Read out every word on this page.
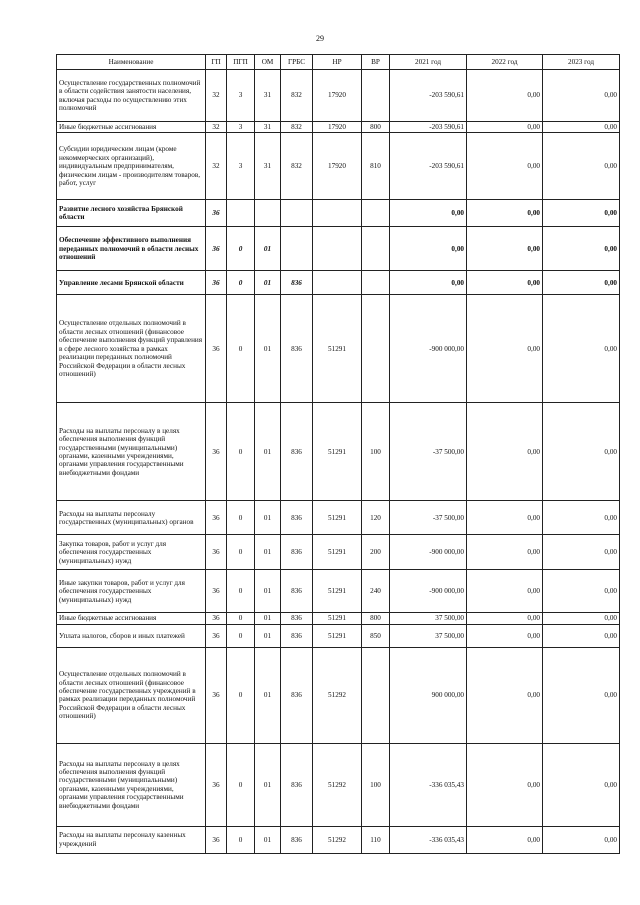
29
Наименование	ГП	ПГП	ОМ	ГРБС	НР	ВР	2021 год	2022 год	2023 год
Осуществление государственных полномочий в области содействия занятости населения, включая расходы по осуществлению этих полномочий	32	3	31	832	17920		-203 590,61	0,00	0,00
Иные бюджетные ассигнования	32	3	31	832	17920	800	-203 590,61	0,00	0,00
Субсидии юридическим лицам (кроме некоммерческих организаций), индивидуальным предпринимателям, физическим лицам - производителям товаров, работ, услуг	32	3	31	832	17920	810	-203 590,61	0,00	0,00
Развитие лесного хозяйства Брянской области	36						0,00	0,00	0,00
Обеспечение эффективного выполнения переданных полномочий в области лесных отношений	36	0	01				0,00	0,00	0,00
Управление лесами Брянской области	36	0	01	836			0,00	0,00	0,00
Осуществление отдельных полномочий в области лесных отношений (финансовое обеспечение выполнения функций управления в сфере лесного хозяйства в рамках реализации переданных полномочий Российской Федерации в области лесных отношений)	36	0	01	836	51291		-900 000,00	0,00	0,00
Расходы на выплаты персоналу в целях обеспечения выполнения функций государственными (муниципальными) органами, казенными учреждениями, органами управления государственными внебюджетными фондами	36	0	01	836	51291	100	-37 500,00	0,00	0,00
Расходы на выплаты персоналу государственных (муниципальных) органов	36	0	01	836	51291	120	-37 500,00	0,00	0,00
Закупка товаров, работ и услуг для обеспечения государственных (муниципальных) нужд	36	0	01	836	51291	200	-900 000,00	0,00	0,00
Иные закупки товаров, работ и услуг для обеспечения государственных (муниципальных) нужд	36	0	01	836	51291	240	-900 000,00	0,00	0,00
Иные бюджетные ассигнования	36	0	01	836	51291	800	37 500,00	0,00	0,00
Уплата налогов, сборов и иных платежей	36	0	01	836	51291	850	37 500,00	0,00	0,00
Осуществление отдельных полномочий в области лесных отношений (финансовое обеспечение государственных учреждений в рамках реализации переданных полномочий Российской Федерации в области лесных отношений)	36	0	01	836	51292		900 000,00	0,00	0,00
Расходы на выплаты персоналу в целях обеспечения выполнения функций государственными (муниципальными) органами, казенными учреждениями, органами управления государственными внебюджетными фондами	36	0	01	836	51292	100	-336 035,43	0,00	0,00
Расходы на выплаты персоналу казенных учреждений	36	0	01	836	51292	110	-336 035,43	0,00	0,00
